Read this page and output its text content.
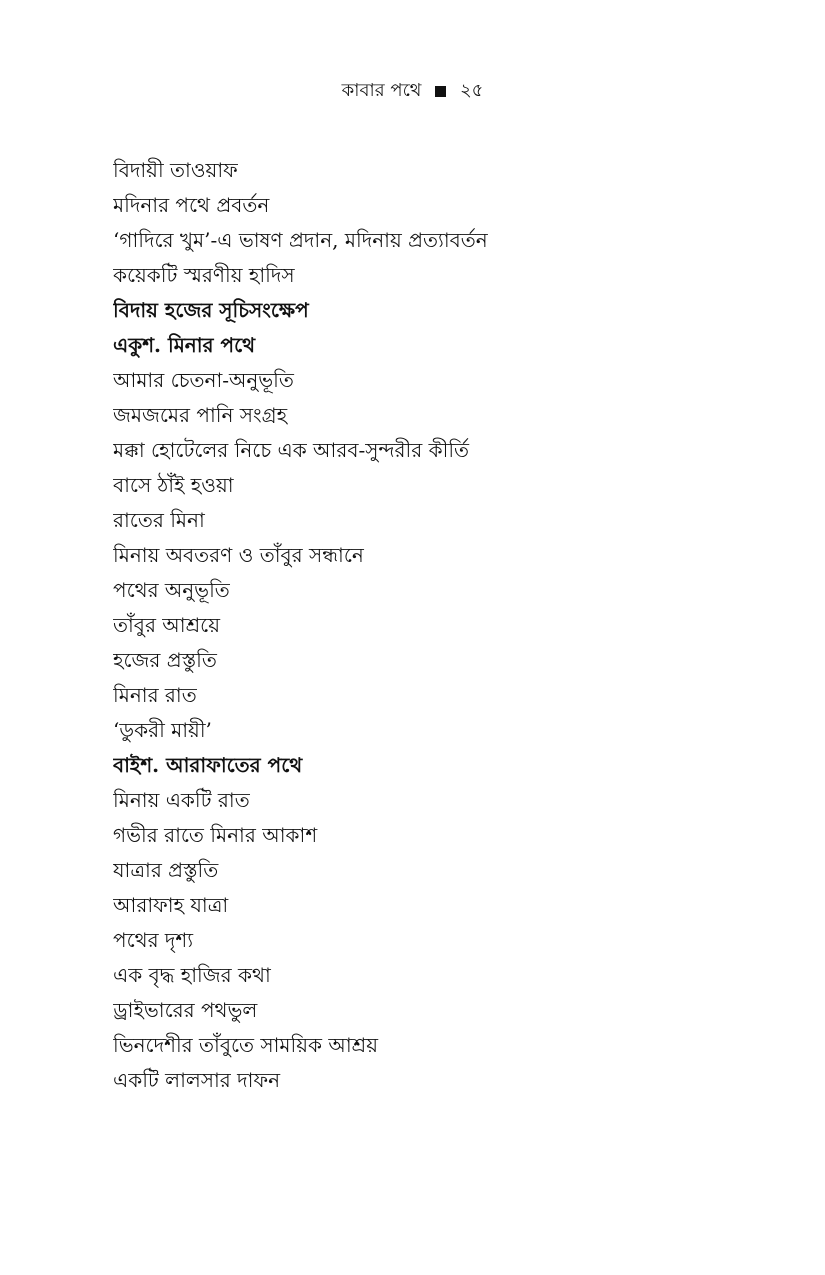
কাবার পথে ২৫
বিদায়ী তাওয়াফ
মদিনার পথে প্রবর্তন
‘গাদিরে খুম’-এ ভাষণ প্রদান, মদিনায় প্রত্যাবর্তন
কয়েকটি স্মরণীয় হাদিস
বিদায় হজের সূচিসংক্ষেপ
একুশ. মিনার পথে
আমার চেতনা-অনুভূতি
জমজমের পানি সংগ্রহ
মক্কা হোটেলের নিচে এক আরব-সুন্দরীর কীর্তি
বাসে ঠাঁই হওয়া
রাতের মিনা
মিনায় অবতরণ ও তাঁবুর সন্ধানে
পথের অনুভূতি
তাঁবুর আশ্রয়ে
হজের প্রস্তুতি
মিনার রাত
‘ডুকরী মায়ী’
বাইশ. আরাফাতের পথে
মিনায় একটি রাত
গভীর রাতে মিনার আকাশ
যাত্রার প্রস্তুতি
আরাফাহ যাত্রা
পথের দৃশ্য
এক বৃদ্ধ হাজির কথা
ড্রাইভারের পথভুল
ভিনদেশীর তাঁবুতে সাময়িক আশ্রয়
একটি লালসার দাফন
